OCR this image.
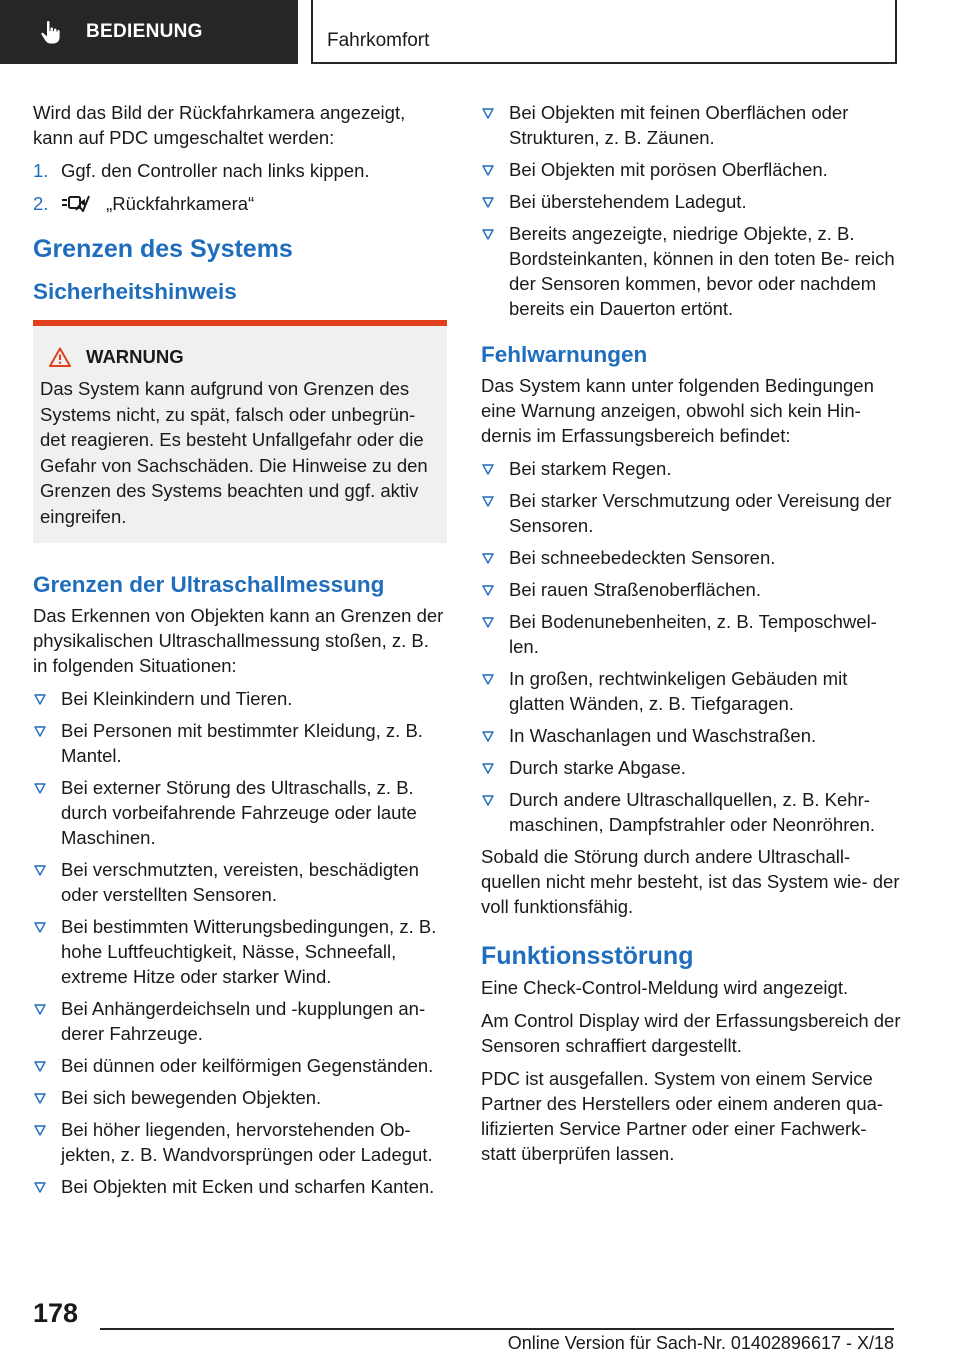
BEDIENUNG	Fahrkomfort

Wird das Bild der Rückfahrkamera angezeigt, kann auf PDC umgeschaltet werden:

1. Ggf. den Controller nach links kippen.
2.	„Rückfahrkamera“
Grenzen des Systems
Sicherheitshinweis
WARNUNG

Das System kann aufgrund von Grenzen des Systems nicht, zu spät, falsch oder unbegrün‐ det reagieren. Es besteht Unfallgefahr oder die Gefahr von Sachschäden. Die Hinweise zu den Grenzen des Systems beachten und ggf. aktiv eingreifen.

Grenzen der Ultraschallmessung

Das Erkennen von Objekten kann an Grenzen der physikalischen Ultraschallmessung stoßen, z. B. in folgenden Situationen:

Bei Kleinkindern und Tieren.
Bei Personen mit bestimmter Kleidung, z. B. Mantel.
Bei externer Störung des Ultraschalls, z. B. durch vorbeifahrende Fahrzeuge oder laute Maschinen.
Bei verschmutzten, vereisten, beschädigten oder verstellten Sensoren.
Bei bestimmten Witterungsbedingungen, z. B. hohe Luftfeuchtigkeit, Nässe, Schneefall, extreme Hitze oder starker Wind.
Bei Anhängerdeichseln und -kupplungen an‐ derer Fahrzeuge.
Bei dünnen oder keilförmigen Gegenständen.
Bei sich bewegenden Objekten.
Bei höher liegenden, hervorstehenden Ob‐ jekten, z. B. Wandvorsprüngen oder Ladegut.
Bei Objekten mit Ecken und scharfen Kanten.
Bei Objekten mit feinen Oberflächen oder Strukturen, z. B. Zäunen.
Bei Objekten mit porösen Oberflächen.
Bei überstehendem Ladegut.
Bereits angezeigte, niedrige Objekte, z. B. Bordsteinkanten, können in den toten Be‐ reich der Sensoren kommen, bevor oder nachdem bereits ein Dauerton ertönt.
Fehlwarnungen

Das System kann unter folgenden Bedingungen eine Warnung anzeigen, obwohl sich kein Hin‐ dernis im Erfassungsbereich befindet:

Bei starkem Regen.
Bei starker Verschmutzung oder Vereisung der Sensoren.
Bei schneebedeckten Sensoren.
Bei rauen Straßenoberflächen.
Bei Bodenunebenheiten, z. B. Temposchwel‐ len.
In großen, rechtwinkeligen Gebäuden mit glatten Wänden, z. B. Tiefgaragen.
In Waschanlagen und Waschstraßen.
Durch starke Abgase.
Durch andere Ultraschallquellen, z. B. Kehr‐ maschinen, Dampfstrahler oder Neonröhren.

Sobald die Störung durch andere Ultraschall‐ quellen nicht mehr besteht, ist das System wie‐ der voll funktionsfähig.

Funktionsstörung

Eine Check-Control-Meldung wird angezeigt.

Am Control Display wird der Erfassungsbereich der Sensoren schraffiert dargestellt.

PDC ist ausgefallen. System von einem Service Partner des Herstellers oder einem anderen qua‐ lifizierten Service Partner oder einer Fachwerk‐ statt überprüfen lassen.

178
Online Version für Sach-Nr. 01402896617 - X/18
